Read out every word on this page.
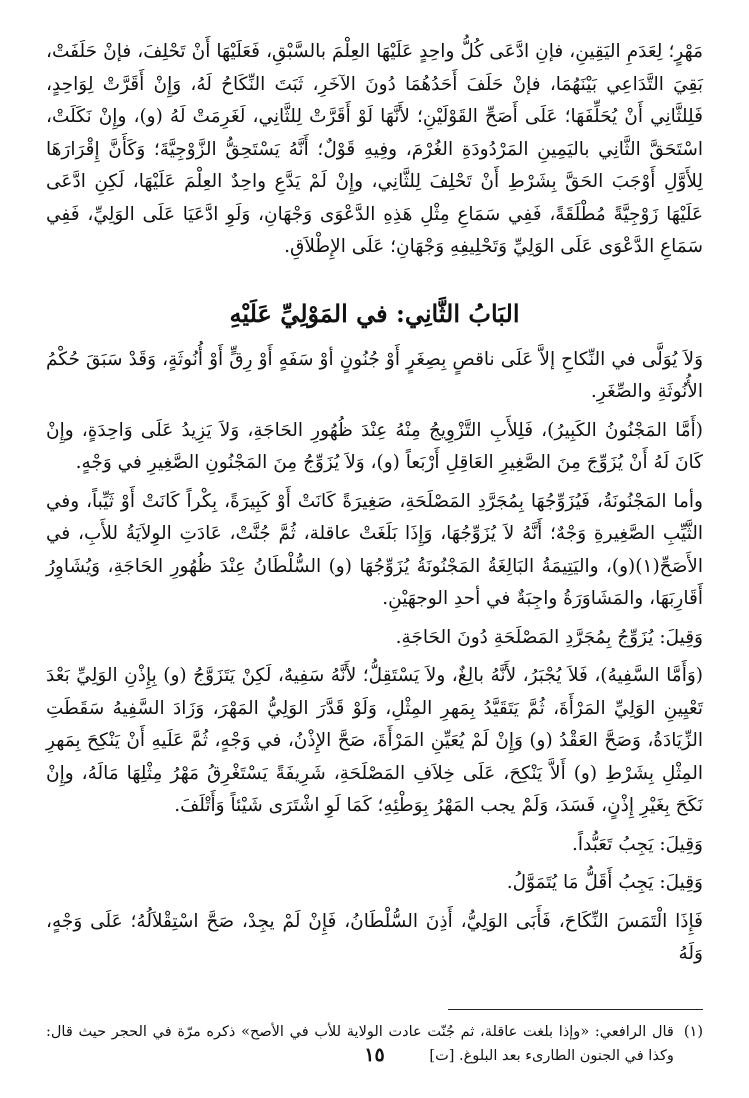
مَهْرٍ؛ لِعَدَمِ اليَقِينِ، فإنِ ادَّعَى كُلُّ واحِدٍ عَلَيْهَا العِلْمَ بالسَّبْقِ، فَعَلَيْهَا أَنْ تَحْلِفَ، فإنْ حَلَفَتْ، بَقِيَ التَّدَاعِي بَيْنَهُمَا، فإنْ حَلَفَ أَحَدُهُمَا دُونَ الآخَرِ، ثَبَتَ النِّكَاحُ لَهُ، وَإِنْ أَقَرَّتْ لِوَاحِدٍ، فَلِلثَّانِي أَنْ يُحَلِّفَهَا؛ عَلَى أَصَحِّ القَوْلَيْنِ؛ لأَنَّهَا لَوْ أَقَرَّتْ لِلثَّانِي، لَغَرِمَتْ لَهُ (و)، وإِنْ نَكَلَتْ، اسْتَحَقَّ الثَّانِي باليَمِينِ المَرْدُودَةِ الغُرْمَ، وفِيهِ قَوْلٌ؛ أَنَّهُ يَسْتَحِقُّ الزَّوْجِيَّةَ؛ وَكَأَنَّ إِقْرَارَهَا لِلأَوَّلِ أَوْجَبَ الحَقَّ بِشَرْطِ أَنْ تَحْلِفَ لِلثَّانِي، وإِنْ لَمْ يَدَّعِ واحِدٌ العِلْمَ عَلَيْهَا، لَكِنِ ادَّعَى عَلَيْهَا زَوْجِيَّةً مُطْلَقَةً، فَفِي سَمَاعِ مِثْلِ هَذِهِ الدَّعْوَى وَجْهَانِ، وَلَوِ ادَّعَيَا عَلَى الوَلِيِّ، فَفِي سَمَاعِ الدَّعْوَى عَلَى الوَلِيِّ وَتَحْلِيفِهِ وَجْهَانِ؛ عَلَى الإِطْلاَقِ.

البَابُ الثَّانِي: في المَوْلِيِّ عَلَيْهِ

وَلاَ يُوَلَّى في النِّكاحِ إلاَّ عَلَى ناقصٍ بِصِغَرٍ أَوْ جُنُونٍ أوْ سَفَهٍ أَوْ رِقٍّ أَوْ أُنُوثَةٍ، وَقَدْ سَبَقَ حُكْمُ الأُنُوثَةِ والصِّغَرِ.

(أَمَّا المَجْنُونُ الكَبِيرُ)، فَلِلأَبِ التَّزْوِيجُ مِنْهُ عِنْدَ ظُهُورِ الحَاجَةِ، وَلاَ يَزِيدُ عَلَى وَاحِدَةٍ، وإِنْ كَانَ لَهُ أَنْ يُزَوِّجَ مِنَ الصَّغِيرِ العَاقِلِ أَرْبَعاً (و)، وَلاَ يُزَوِّجُ مِنَ المَجْنُونِ الصَّغِيرِ في وَجْهٍ.

وأما المَجْنُونَةُ، فَيُزَوِّجُهَا بِمُجَرَّدِ المَصْلَحَةِ، صَغِيرَةً كَانَتْ أَوْ كَبِيرَةً، بِكْراً كَانَتْ أَوْ ثَيِّباً، وفي الثَّيِّبِ الصَّغِيرةِ وَجْهٌ؛ أَنَّهُ لاَ يُزَوِّجُهَا، وَإِذَا بَلَغَتْ عاقلة، ثُمَّ جُنَّتْ، عَادَتِ الوِلاَيَةُ للأَبِ، في الأَصَحِّ(١)(و)، واليَتِيمَةُ البَالِغَةُ المَجْنُونَةُ يُزَوِّجُهَا (و) السُّلْطَانُ عِنْدَ ظُهُورِ الحَاجَةِ، وَيُشَاوِرُ أَقَارِبَهَا، والمَشَاوَرَةُ واجِبَةٌ في أحدِ الوجهَيْنِ.

وَقِيلَ: يُزَوِّجُ بِمُجَرَّدِ المَصْلَحَةِ دُونَ الحَاجَةِ.

(وَأَمَّا السَّفِيهُ)، فَلاَ يُجْبَرُ، لأَنَّهُ بالِغٌ، ولاَ يَسْتَقِلُّ؛ لأَنَّهُ سَفِيهٌ، لَكِنْ يَتَزَوَّجُ (و) بِإِذْنِ الوَلِيِّ بَعْدَ تَعْيِينِ الوَلِيِّ المَرْأَةَ، ثُمَّ يَتَقَيَّدُ بِمَهرِ المِثْلِ، وَلَوْ قَدَّرَ الوَلِيُّ المَهْرَ، وَزَادَ السَّفِيهُ سَقَطَتِ الزِّيَادَةُ، وَصَحَّ العَقْدُ (و) وَإِنْ لَمْ يُعَيِّنِ المَرْأَةَ، صَحَّ الإِذْنُ، في وَجْهٍ، ثُمَّ عَلَيهِ أَنْ يَنْكِحَ بِمَهرِ المِثْلِ بِشَرْطِ (و) أَلاَّ يَنْكِحَ، عَلَى خِلاَفِ المَصْلَحَةِ، شَرِيفَةً يَسْتَغْرِقُ مَهْرُ مِثْلِهَا مَالَهُ، وإِنْ نَكَحَ بِغَيْرِ إِذْنٍ، فَسَدَ، وَلَمْ يجب المَهْرُ بِوَطْئِهِ؛ كَمَا لَوِ اشْتَرَى شَيْئاً وَأَتْلَفَ.

وَقِيلَ: يَجِبُ تَعَبُّداً.

وَقِيلَ: يَجِبُ أَقَلُّ مَا يُتَمَوَّلُ.

فَإِذَا الْتَمَسَ النِّكَاحَ، فَأَبَى الوَلِيُّ، أَذِنَ السُّلْطَانُ، فَإِنْ لَمْ يجِدْ، صَحَّ اسْتِقْلاَلُهُ؛ عَلَى وَجْهٍ، وَلَهُ

(١)
قال الرافعي: «وإذا بلغت عاقلة، ثم جُنّت عادت الولاية للأب في الأصح» ذكره مرّة في الحجر حيث قال: وكذا في الجنون الطارىء بعد البلوغ. [ت]
١٥
